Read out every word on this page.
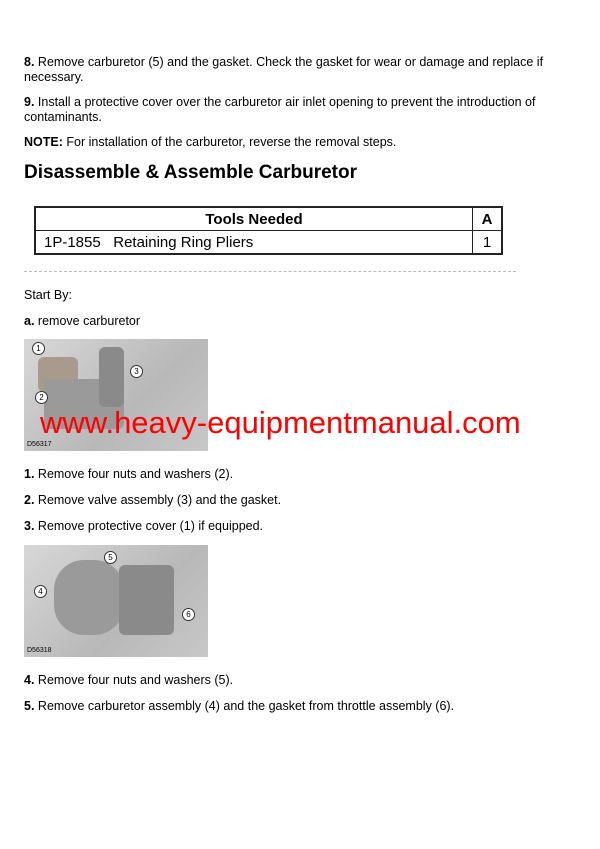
8. Remove carburetor (5) and the gasket. Check the gasket for wear or damage and replace if necessary.
9. Install a protective cover over the carburetor air inlet opening to prevent the introduction of contaminants.
NOTE: For installation of the carburetor, reverse the removal steps.
Disassemble & Assemble Carburetor
Tools Needed	A
1P-1855 Retaining Ring Pliers	1
Start By:
a. remove carburetor
1
2
3
D56317
www.heavy-equipmentmanual.com
1. Remove four nuts and washers (2).
2. Remove valve assembly (3) and the gasket.
3. Remove protective cover (1) if equipped.
4
5
6
D56318
4. Remove four nuts and washers (5).
5. Remove carburetor assembly (4) and the gasket from throttle assembly (6).
